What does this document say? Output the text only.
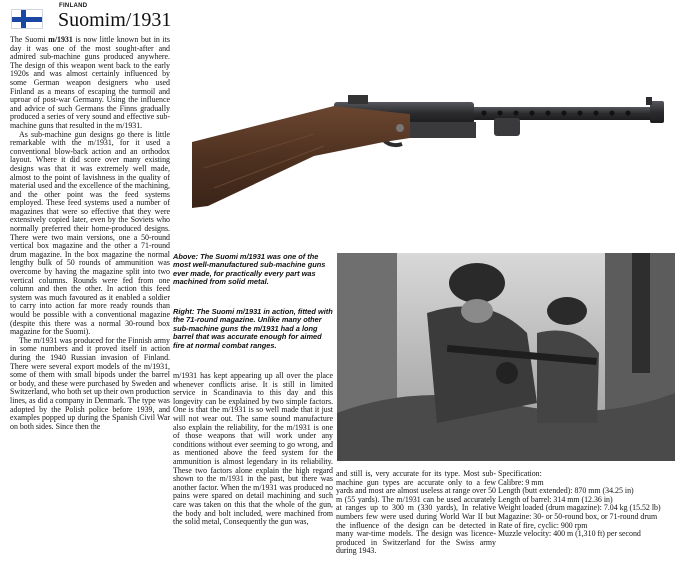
FINLAND
Suomim/1931

The Suomi m/1931 is now little known but in its day it was one of the most sought-after and admired sub-machine guns produced anywhere. The design of this weapon went back to the early 1920s and was almost certainly influenced by some German weapon designers who used Finland as a means of escaping the turmoil and uproar of post-war Germany. Using the influence and advice of such Germans the Finns gradually produced a series of very sound and effective sub-machine guns that resulted in the m/1931.

As sub-machine gun designs go there is little remarkable with the m/1931, for it used a conventional blow-back action and an orthodox layout. Where it did score over many existing designs was that it was extremely well made, almost to the point of lavishness in the quality of material used and the excellence of the machining, and the other point was the feed systems employed. These feed systems used a number of magazines that were so effective that they were extensively copied later, even by the Soviets who normally preferred their home-produced designs. There were two main versions, one a 50-round vertical box magazine and the other a 71-round drum magazine. In the box magazine the normal lengthy bulk of 50 rounds of ammunition was overcome by having the magazine split into two vertical columns. Rounds were fed from one column and then the other. In action this feed system was much favoured as it enabled a soldier to carry into action far more ready rounds than would be possible with a conventional magazine (despite this there was a normal 30-round box magazine for the Suomi).

The m/1931 was produced for the Finnish army in some numbers and it proved itself in action during the 1940 Russian invasion of Finland. There were several export models of the m/1931, some of them with small bipods under the barrel or body, and these were purchased by Sweden and Switzerland, who both set up their own production lines, as did a company in Denmark. The type was adopted by the Polish police before 1939, and examples popped up during the Spanish Civil War on both sides. Since then the

Above: The Suomi m/1931 was one of the most well-manufactured sub-machine guns ever made, for practically every part was machined from solid metal.
Right: The Suomi m/1931 in action, fitted with the 71-round magazine. Unlike many other sub-machine guns the m/1931 had a long barrel that was accurate enough for aimed fire at normal combat ranges.

m/1931 has kept appearing up all over the place whenever conflicts arise. It is still in limited service in Scandinavia to this day and this longevity can be explained by two simple factors. One is that the m/1931 is so well made that it just will not wear out. The same sound manufacture also explain the reliability, for the m/1931 is one of those weapons that will work under any conditions without ever seeming to go wrong, and as mentioned above the feed system for the ammunition is almost legendary in its reliability. These two factors alone explain the high regard shown to the m/1931 in the past, but there was another factor. When the m/1931 was produced no pains were spared on detail machining and such care was taken on this that the whole of the gun, the body and bolt included, were machined from the solid metal, Consequently the gun was,

and still is, very accurate for its type. Most sub-machine gun types are accurate only to a few yards and most are almost useless at range over 50 m (55 yards). The m/1931 can be used accurately at ranges up to 300 m (330 yards), In relative numbers few were used during World War II but the influence of the design can be detected in many war-time models. The design was licence-produced in Switzerland for the Swiss army during 1943.

Specification:
Calibre: 9 mm
Length (butt extended): 870 mm (34.25 in)
Length of barrel: 314 mm (12.36 in)
Weight loaded (drum magazine): 7.04 kg (15.52 lb)
Magazine: 30- or 50-round box, or 71-round drum
Rate of fire, cyclic: 900 rpm
Muzzle velocity: 400 m (1,310 ft) per second
